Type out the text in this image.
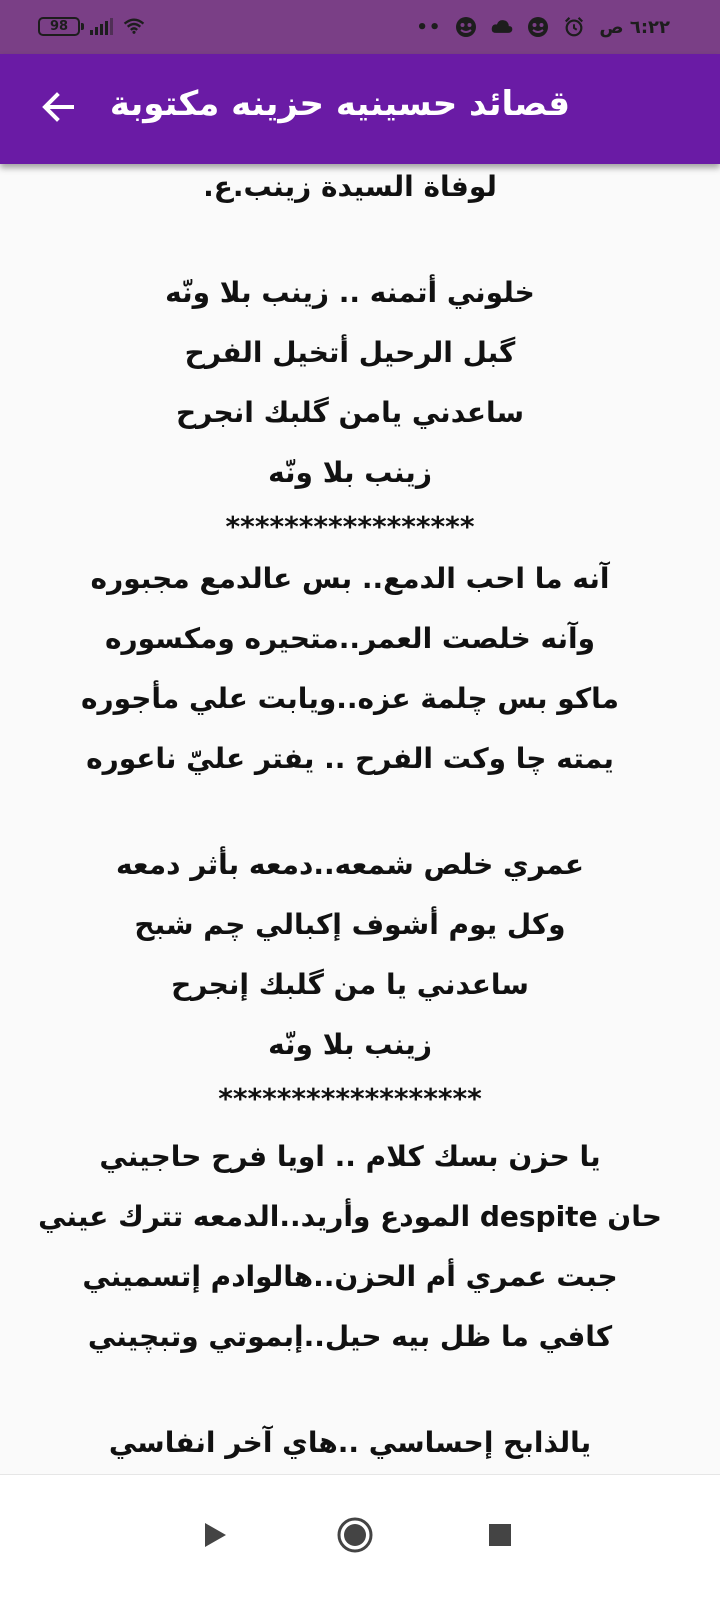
98	••	٦:٢٢ ص
قصائد حسينيه حزينه مكتوبة
لوفاة السيدة زينب.ع.
خلوني أتمنه .. زينب بلا ونّه
گبل الرحيل أتخيل الفرح
ساعدني يامن گلبك انجرح
زينب بلا ونّه
*****************
آنه ما احب الدمع.. بس عالدمع مجبوره
وآنه خلصت العمر..متحيره ومكسوره
ماكو بس چلمة عزه..ويابت علي مأجوره
يمته چا وكت الفرح .. يفتر عليّ ناعوره
عمري خلص شمعه..دمعه بأثر دمعه
وكل يوم أشوف إكبالي چم شبح
ساعدني يا من گلبك إنجرح
زينب بلا ونّه
******************
يا حزن بسك كلام .. اويا فرح حاجيني
حان despite المودع وأريد..الدمعه تترك عيني
جبت عمري أم الحزن..هالوادم إتسميني
كافي ما ظل بيه حيل..إبموتي وتبچيني
يالذابح إحساسي ..هاي آخر انفاسي
